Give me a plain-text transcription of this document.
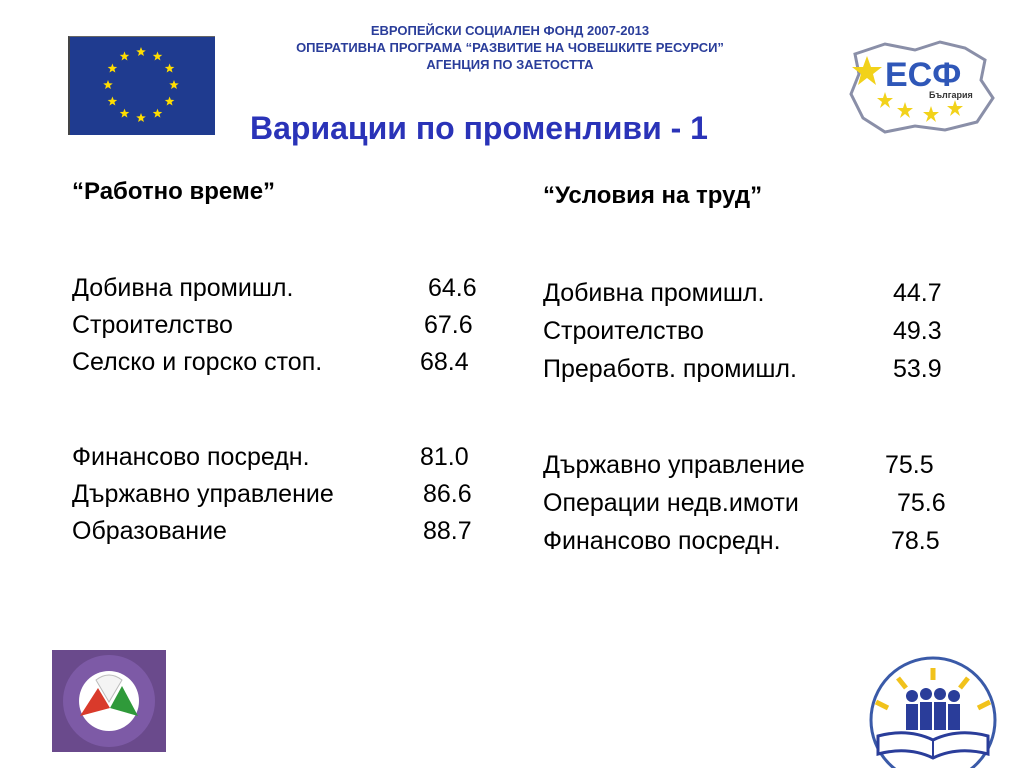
ЕВРОПЕЙСКИ СОЦИАЛЕН ФОНД 2007-2013
ОПЕРАТИВНА ПРОГРАМА “РАЗВИТИЕ НА ЧОВЕШКИТЕ РЕСУРСИ”
АГЕНЦИЯ ПО ЗАЕТОСТТА
Вариации по променливи - 1
ЕСФ
България
“Работно време”
Добивна промишл.	64.6
Строителство	67.6
Селско и горско стоп.	68.4
Финансово посредн.	81.0
Държавно управление	86.6
Образование	88.7
“Условия на труд”
Добивна промишл.	44.7
Строителство	49.3
Преработв. промишл.	53.9
Държавно управление	75.5
Операции недв.имоти	75.6
Финансово посредн.	78.5
